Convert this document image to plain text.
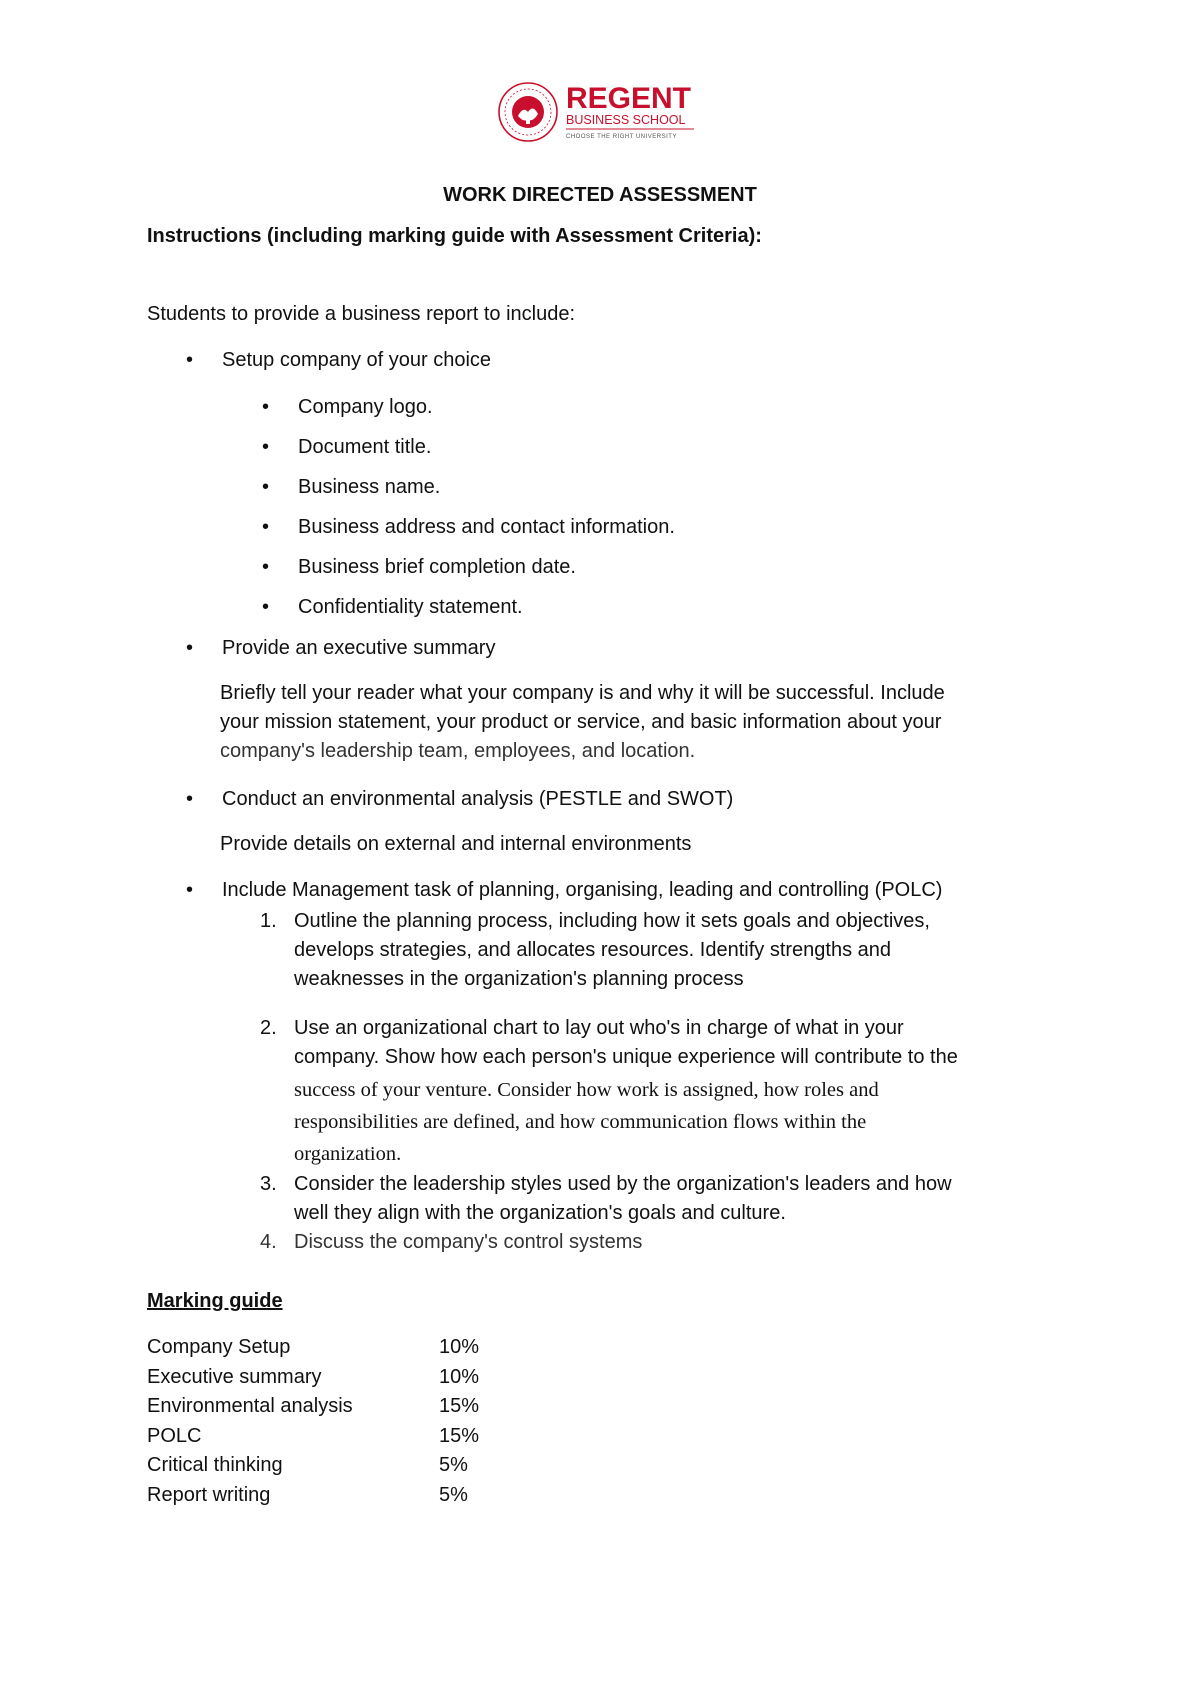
REGENT
BUSINESS SCHOOL
CHOOSE THE RIGHT UNIVERSITY
WORK DIRECTED ASSESSMENT
Instructions (including marking guide with Assessment Criteria):
Students to provide a business report to include:
• Setup company of your choice
• Company logo.
• Document title.
• Business name.
• Business address and contact information.
• Business brief completion date.
• Confidentiality statement.
• Provide an executive summary
Briefly tell your reader what your company is and why it will be successful. Include
your mission statement, your product or service, and basic information about your
company's leadership team, employees, and location.
• Conduct an environmental analysis (PESTLE and SWOT)
Provide details on external and internal environments
• Include Management task of planning, organising, leading and controlling (POLC)
1. Outline the planning process, including how it sets goals and objectives,
develops strategies, and allocates resources. Identify strengths and
weaknesses in the organization's planning process
2. Use an organizational chart to lay out who's in charge of what in your
company. Show how each person's unique experience will contribute to the
success of your venture. Consider how work is assigned, how roles and
responsibilities are defined, and how communication flows within the
organization.
3. Consider the leadership styles used by the organization's leaders and how
well they align with the organization's goals and culture.
4. Discuss the company's control systems
Marking guide
Company Setup	10%
Executive summary	10%
Environmental analysis	15%
POLC	15%
Critical thinking	5%
Report writing	5%
